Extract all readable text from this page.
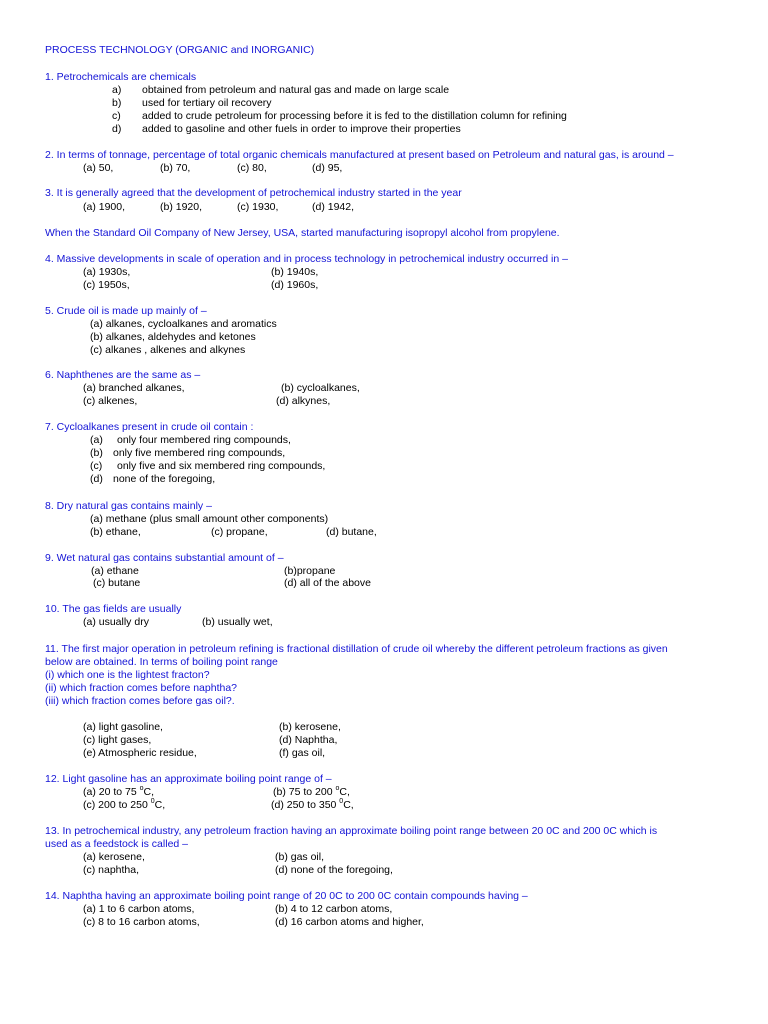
PROCESS TECHNOLOGY (ORGANIC and INORGANIC)
1. Petrochemicals are chemicals
a) obtained from petroleum and natural gas and made on large scale
b) used for tertiary oil recovery
c) added to crude petroleum for processing before it is fed to the distillation column for refining
d) added to gasoline and other fuels in order to improve their properties
2. In terms of tonnage, percentage of total organic chemicals manufactured at present based on Petroleum and natural gas, is around –
(a) 50,	(b) 70,	(c) 80,	(d) 95,
3. It is generally agreed that the development of petrochemical industry started in the year
(a) 1900,	(b) 1920,	(c) 1930,	(d) 1942,
When the Standard Oil Company of New Jersey, USA, started manufacturing isopropyl alcohol from propylene.
4. Massive developments in scale of operation and in process technology in petrochemical industry occurred in –
(a) 1930s,	(b) 1940s,
(c) 1950s,	(d) 1960s,
5. Crude oil is made up mainly of –
(a) alkanes, cycloalkanes and aromatics
(b) alkanes, aldehydes and ketones
(c) alkanes , alkenes and alkynes
6. Naphthenes are the same as –
(a) branched alkanes,	(b) cycloalkanes,
(c) alkenes,	(d) alkynes,
7. Cycloalkanes present in crude oil contain :
(a) only four membered ring compounds,
(b) only five membered ring compounds,
(c) only five and six membered ring compounds,
(d) none of the foregoing,
8. Dry natural gas contains mainly –
(a) methane (plus small amount other components)
(b) ethane,	(c) propane,	(d) butane,
9. Wet natural gas contains substantial amount of –
(a) ethane	(b)propane
(c) butane	(d) all of the above
10. The gas fields are usually
(a) usually dry	(b) usually wet,
11. The first major operation in petroleum refining is fractional distillation of crude oil whereby the different petroleum fractions as given
below are obtained. In terms of boiling point range
(i) which one is the lightest fracton?
(ii) which fraction comes before naphtha?
(iii) which fraction comes before gas oil?.
(a) light gasoline,	(b) kerosene,
(c) light gases,	(d) Naphtha,
(e) Atmospheric residue,	(f) gas oil,
12. Light gasoline has an approximate boiling point range of –
(a) 20 to 75 $^o$C,	(b) 75 to 200 $^o$C,
(c) 200 to 250 $^0$C,	(d) 250 to 350 $^0$C,
13. In petrochemical industry, any petroleum fraction having an approximate boiling point range between 20 0C and 200 0C which is
used as a feedstock is called –
(a) kerosene,	(b) gas oil,
(c) naphtha,	(d) none of the foregoing,
14. Naphtha having an approximate boiling point range of 20 0C to 200 0C contain compounds having –
(a) 1 to 6 carbon atoms,	(b) 4 to 12 carbon atoms,
(c) 8 to 16 carbon atoms,	(d) 16 carbon atoms and higher,
